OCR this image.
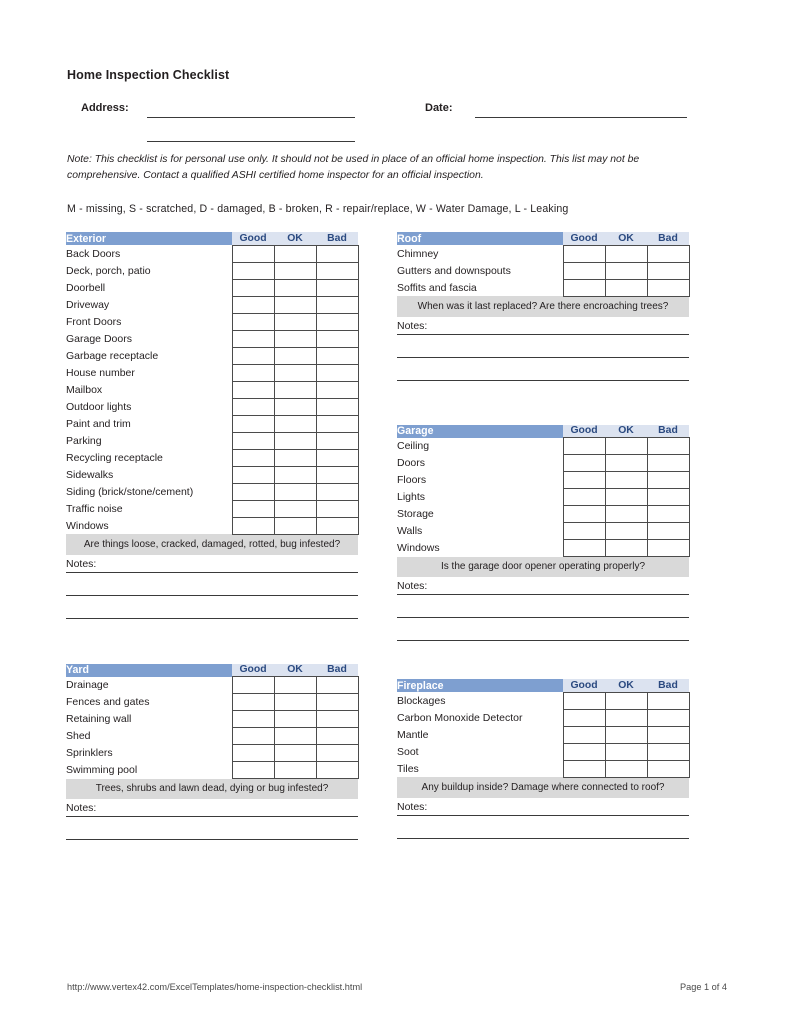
Home Inspection Checklist
Address:	Date:
Note: This checklist is for personal use only. It should not be used in place of an official home inspection. This list may not be comprehensive. Contact a qualified ASHI certified home inspector for an official inspection.
M - missing, S - scratched, D - damaged, B - broken, R - repair/replace, W - Water Damage, L - Leaking
Exterior	Good	OK	Bad
Back Doors			
Deck, porch, patio			
Doorbell			
Driveway			
Front Doors			
Garage Doors			
Garbage receptacle			
House number			
Mailbox			
Outdoor lights			
Paint and trim			
Parking			
Recycling receptacle			
Sidewalks			
Siding (brick/stone/cement)			
Traffic noise			
Windows			
Are things loose, cracked, damaged, rotted, bug infested?			
Notes:
Yard	Good	OK	Bad
Drainage			
Fences and gates			
Retaining wall			
Shed			
Sprinklers			
Swimming pool			
Trees, shrubs and lawn dead, dying or bug infested?			
Notes:
Roof	Good	OK	Bad
Chimney			
Gutters and downspouts			
Soffits and fascia			
When was it last replaced? Are there encroaching trees?			
Notes:
Garage	Good	OK	Bad
Ceiling			
Doors			
Floors			
Lights			
Storage			
Walls			
Windows			
Is the garage door opener operating properly?			
Notes:
Fireplace	Good	OK	Bad
Blockages			
Carbon Monoxide Detector			
Mantle			
Soot			
Tiles			
Any buildup inside? Damage where connected to roof?			
Notes:
http://www.vertex42.com/ExcelTemplates/home-inspection-checklist.html	Page 1 of 4
